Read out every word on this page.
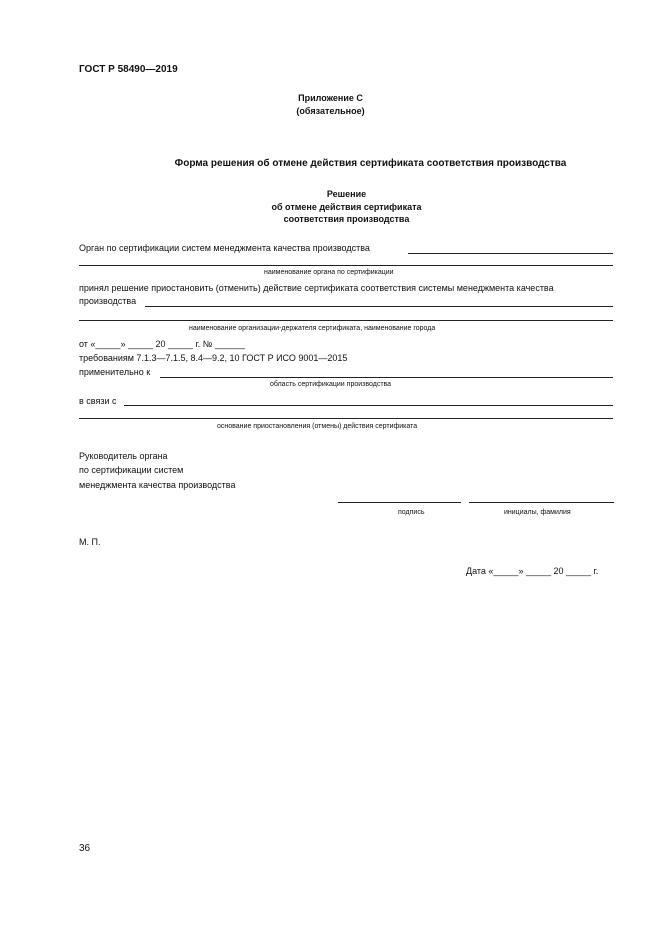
ГОСТ Р 58490—2019
Приложение С
(обязательное)
Форма решения об отмене действия сертификата соответствия производства
Решение
об отмене действия сертификата
соответствия производства
Орган по сертификации систем менеджмента качества производства
наименование органа по сертификации
принял решение приостановить (отменить) действие сертификата соответствия системы менеджмента качества
производства
наименование организации-держателя сертификата, наименование города
от «_____» _____ 20 _____ г. № ______
требованиям 7.1.3—7.1.5, 8.4—9.2, 10 ГОСТ Р ИСО 9001—2015
применительно к
область сертификации производства
в связи с
основание приостановления (отмены) действия сертификата
Руководитель органа
по сертификации систем
менеджмента качества производства
подпись	инициалы, фамилия
М. П.
Дата «_____» _____ 20 _____ г.
36
